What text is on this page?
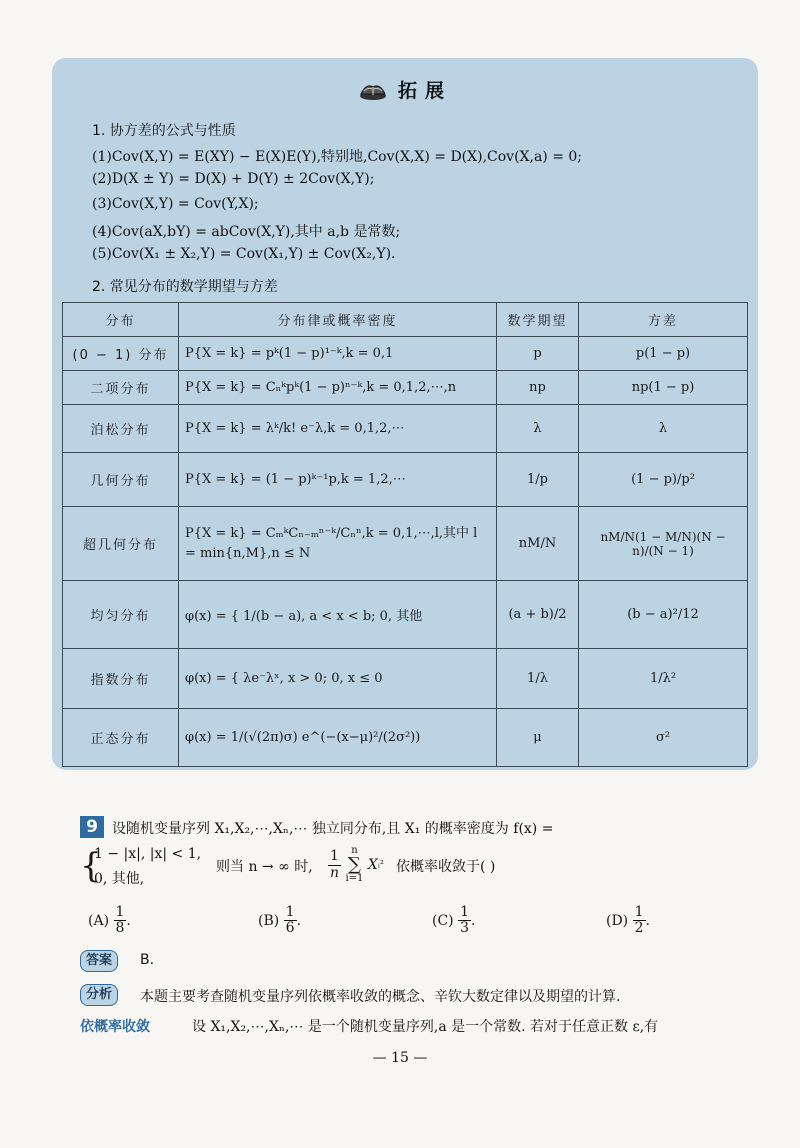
拓展
1. 协方差的公式与性质
(1)Cov(X,Y) = E(XY) − E(X)E(Y),特别地,Cov(X,X) = D(X),Cov(X,a) = 0;
(2)D(X ± Y) = D(X) + D(Y) ± 2Cov(X,Y);
(3)Cov(X,Y) = Cov(Y,X);
(4)Cov(aX,bY) = abCov(X,Y),其中 a,b 是常数;
(5)Cov(X₁ ± X₂,Y) = Cov(X₁,Y) ± Cov(X₂,Y).
2. 常见分布的数学期望与方差
分布	分布律或概率密度	数学期望	方差
(0 − 1) 分布	P{X = k} = pᵏ(1 − p)¹⁻ᵏ,k = 0,1	p	p(1 − p)
二项分布	P{X = k} = Cₙᵏpᵏ(1 − p)ⁿ⁻ᵏ,k = 0,1,2,⋯,n	np	np(1 − p)
泊松分布	P{X = k} = λᵏ/k! e⁻λ,k = 0,1,2,⋯	λ	λ
几何分布	P{X = k} = (1 − p)ᵏ⁻¹p,k = 1,2,⋯	1/p	(1 − p)/p²
超几何分布	P{X = k} = CₘᵏCₙ₋ₘⁿ⁻ᵏ/Cₙⁿ,k = 0,1,⋯,l,其中 l = min{n,M},n ≤ N	nM/N	nM/N(1 − M/N)(N − n)/(N − 1)
均匀分布	φ(x) = { 1/(b − a), a < x < b; 0, 其他	(a + b)/2	(b − a)²/12
指数分布	φ(x) = { λe⁻λˣ, x > 0; 0, x ≤ 0	1/λ	1/λ²
正态分布	φ(x) = 1/(√(2π)σ) e^(−(x−μ)²/(2σ²))	μ	σ²
9	设随机变量序列 X₁,X₂,⋯,Xₙ,⋯ 独立同分布,且 X₁ 的概率密度为 f(x) =
{
1 − |x|, |x| < 1,
0, 其他,
则当 n → ∞ 时, $\frac{1}{n}$ n
∑
i=1 Xᵢ² 依概率收敛于( )
$(A) \frac{1}{8}$ .	$(B) \frac{1}{6}$ .	$(C) \frac{1}{3}$ .	$(D) \frac{1}{2}$ .
答案	B.
分析	本题主要考查随机变量序列依概率收敛的概念、辛钦大数定律以及期望的计算.
依概率收敛	设 X₁,X₂,⋯,Xₙ,⋯ 是一个随机变量序列,a 是一个常数. 若对于任意正数 ε,有
— 15 —
